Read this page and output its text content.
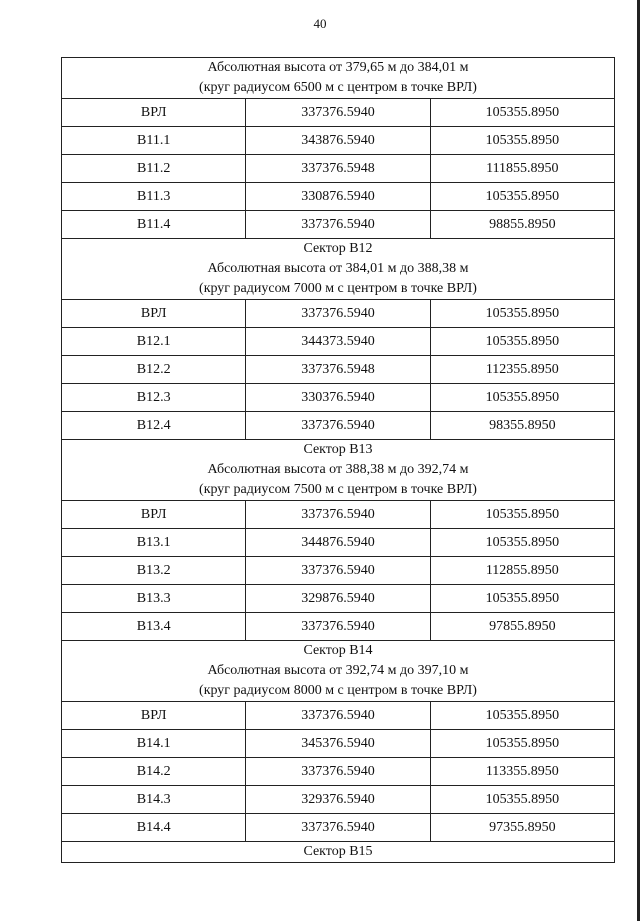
40
Абсолютная высота от 379,65 м до 384,01 м
(круг радиусом 6500 м с центром в точке ВРЛ)		

ВРЛ	337376.5940	105355.8950
В11.1	343876.5940	105355.8950
В11.2	337376.5948	111855.8950
В11.3	330876.5940	105355.8950
В11.4	337376.5940	98855.8950

Сектор В12
Абсолютная высота от 384,01 м до 388,38 м
(круг радиусом 7000 м с центром в точке ВРЛ)		

ВРЛ	337376.5940	105355.8950
В12.1	344373.5940	105355.8950
В12.2	337376.5948	112355.8950
В12.3	330376.5940	105355.8950
В12.4	337376.5940	98355.8950

Сектор В13
Абсолютная высота от 388,38 м до 392,74 м
(круг радиусом 7500 м с центром в точке ВРЛ)		

ВРЛ	337376.5940	105355.8950
В13.1	344876.5940	105355.8950
В13.2	337376.5940	112855.8950
В13.3	329876.5940	105355.8950
В13.4	337376.5940	97855.8950

Сектор В14
Абсолютная высота от 392,74 м до 397,10 м
(круг радиусом 8000 м с центром в точке ВРЛ)		

ВРЛ	337376.5940	105355.8950
В14.1	345376.5940	105355.8950
В14.2	337376.5940	113355.8950
В14.3	329376.5940	105355.8950
В14.4	337376.5940	97355.8950

Сектор В15		
